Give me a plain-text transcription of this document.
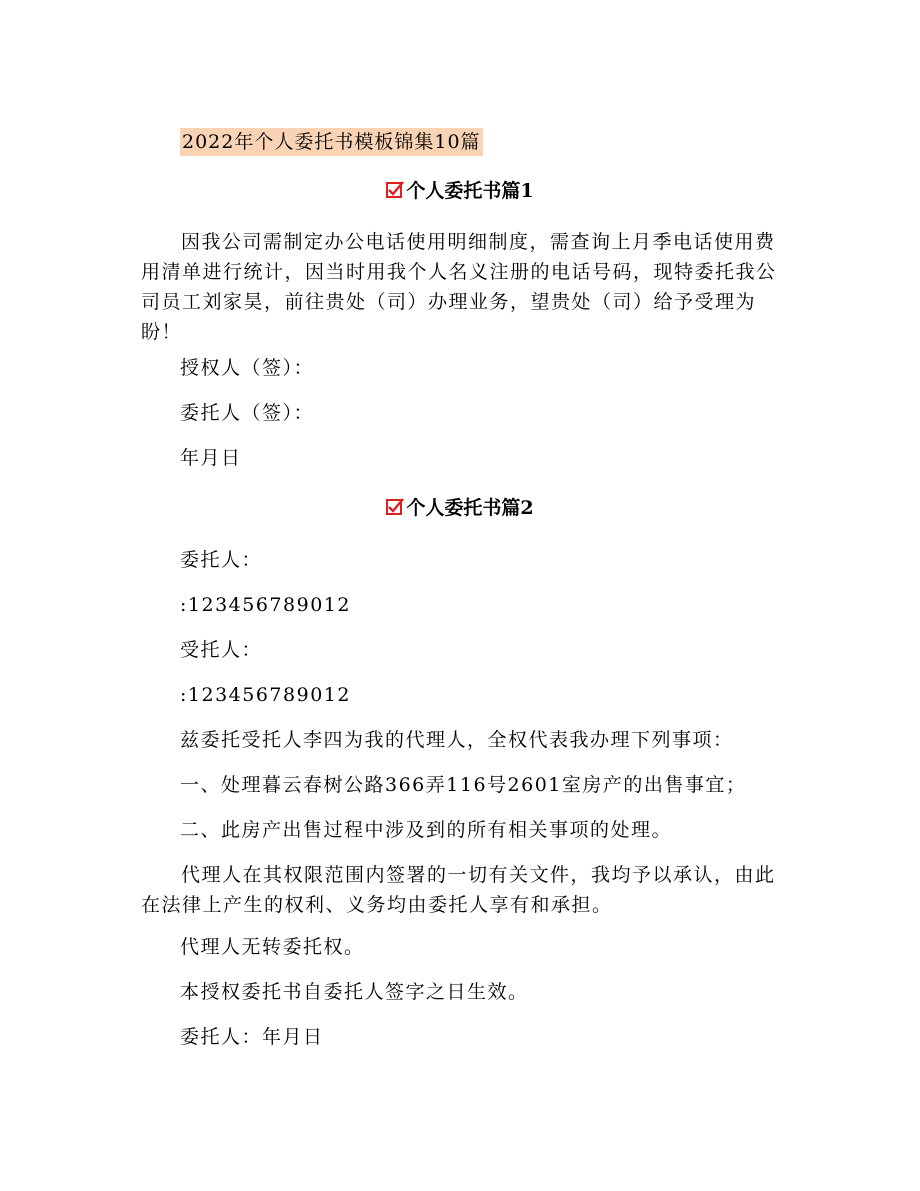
2022年个人委托书模板锦集10篇
个人委托书篇1

因我公司需制定办公电话使用明细制度，需查询上月季电话使用费用清单进行统计，因当时用我个人名义注册的电话号码，现特委托我公司员工刘家昊，前往贵处（司）办理业务，望贵处（司）给予受理为盼！

授权人（签）：

委托人（签）：

年月日

个人委托书篇2

委托人：

:123456789012

受托人：

:123456789012

兹委托受托人李四为我的代理人，全权代表我办理下列事项：

一、处理暮云春树公路366弄116号2601室房产的出售事宜；

二、此房产出售过程中涉及到的所有相关事项的处理。

代理人在其权限范围内签署的一切有关文件，我均予以承认，由此在法律上产生的权利、义务均由委托人享有和承担。

代理人无转委托权。

本授权委托书自委托人签字之日生效。

委托人：年月日
